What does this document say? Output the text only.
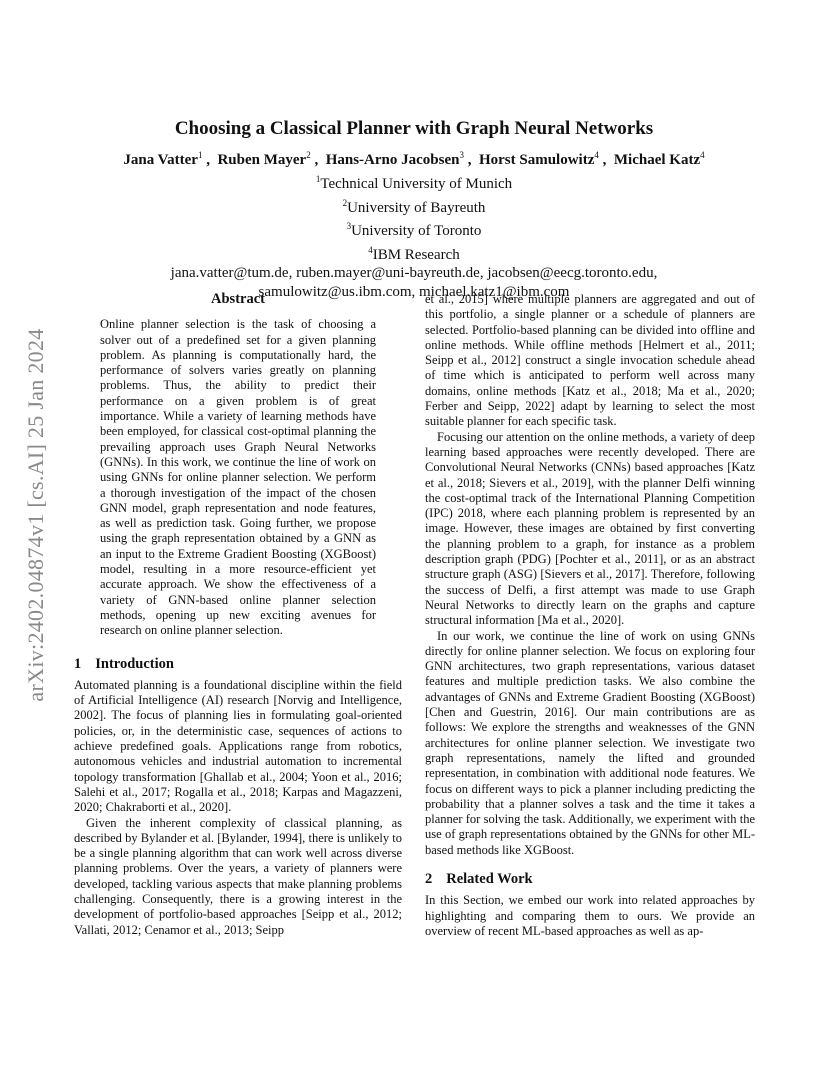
arXiv:2402.04874v1 [cs.AI] 25 Jan 2024
Choosing a Classical Planner with Graph Neural Networks
Jana Vatter$^1$ ,  Ruben Mayer$^2$ ,  Hans-Arno Jacobsen$^3$ ,  Horst Samulowitz$^4$ ,  Michael Katz$^4$
$^1$Technical University of Munich
$^2$University of Bayreuth
$^3$University of Toronto
$^4$IBM Research
jana.vatter@tum.de, ruben.mayer@uni-bayreuth.de, jacobsen@eecg.toronto.edu,
samulowitz@us.ibm.com, michael.katz1@ibm.com
Abstract

Online planner selection is the task of choosing a solver out of a predefined set for a given planning problem. As planning is computationally hard, the performance of solvers varies greatly on planning problems. Thus, the ability to predict their performance on a given problem is of great importance. While a variety of learning methods have been employed, for classical cost-optimal planning the prevailing approach uses Graph Neural Networks (GNNs). In this work, we continue the line of work on using GNNs for online planner selection. We perform a thorough investigation of the impact of the chosen GNN model, graph representation and node features, as well as prediction task. Going further, we propose using the graph representation obtained by a GNN as an input to the Extreme Gradient Boosting (XGBoost) model, resulting in a more resource-efficient yet accurate approach. We show the effectiveness of a variety of GNN-based online planner selection methods, opening up new exciting avenues for research on online planner selection.

1 Introduction

Automated planning is a foundational discipline within the field of Artificial Intelligence (AI) research [Norvig and Intelligence, 2002]. The focus of planning lies in formulating goal-oriented policies, or, in the deterministic case, sequences of actions to achieve predefined goals. Applications range from robotics, autonomous vehicles and industrial automation to incremental topology transformation [Ghallab et al., 2004; Yoon et al., 2016; Salehi et al., 2017; Rogalla et al., 2018; Karpas and Magazzeni, 2020; Chakraborti et al., 2020].

Given the inherent complexity of classical planning, as described by Bylander et al. [Bylander, 1994], there is unlikely to be a single planning algorithm that can work well across diverse planning problems. Over the years, a variety of planners were developed, tackling various aspects that make planning problems challenging. Consequently, there is a growing interest in the development of portfolio-based approaches [Seipp et al., 2012; Vallati, 2012; Cenamor et al., 2013; Seipp

et al., 2015] where multiple planners are aggregated and out of this portfolio, a single planner or a schedule of planners are selected. Portfolio-based planning can be divided into offline and online methods. While offline methods [Helmert et al., 2011; Seipp et al., 2012] construct a single invocation schedule ahead of time which is anticipated to perform well across many domains, online methods [Katz et al., 2018; Ma et al., 2020; Ferber and Seipp, 2022] adapt by learning to select the most suitable planner for each specific task.

Focusing our attention on the online methods, a variety of deep learning based approaches were recently developed. There are Convolutional Neural Networks (CNNs) based approaches [Katz et al., 2018; Sievers et al., 2019], with the planner Delfi winning the cost-optimal track of the International Planning Competition (IPC) 2018, where each planning problem is represented by an image. However, these images are obtained by first converting the planning problem to a graph, for instance as a problem description graph (PDG) [Pochter et al., 2011], or as an abstract structure graph (ASG) [Sievers et al., 2017]. Therefore, following the success of Delfi, a first attempt was made to use Graph Neural Networks to directly learn on the graphs and capture structural information [Ma et al., 2020].

In our work, we continue the line of work on using GNNs directly for online planner selection. We focus on exploring four GNN architectures, two graph representations, various dataset features and multiple prediction tasks. We also combine the advantages of GNNs and Extreme Gradient Boosting (XGBoost) [Chen and Guestrin, 2016]. Our main contributions are as follows: We explore the strengths and weaknesses of the GNN architectures for online planner selection. We investigate two graph representations, namely the lifted and grounded representation, in combination with additional node features. We focus on different ways to pick a planner including predicting the probability that a planner solves a task and the time it takes a planner for solving the task. Additionally, we experiment with the use of graph representations obtained by the GNNs for other ML-based methods like XGBoost.

2 Related Work

In this Section, we embed our work into related approaches by highlighting and comparing them to ours. We provide an overview of recent ML-based approaches as well as ap-
